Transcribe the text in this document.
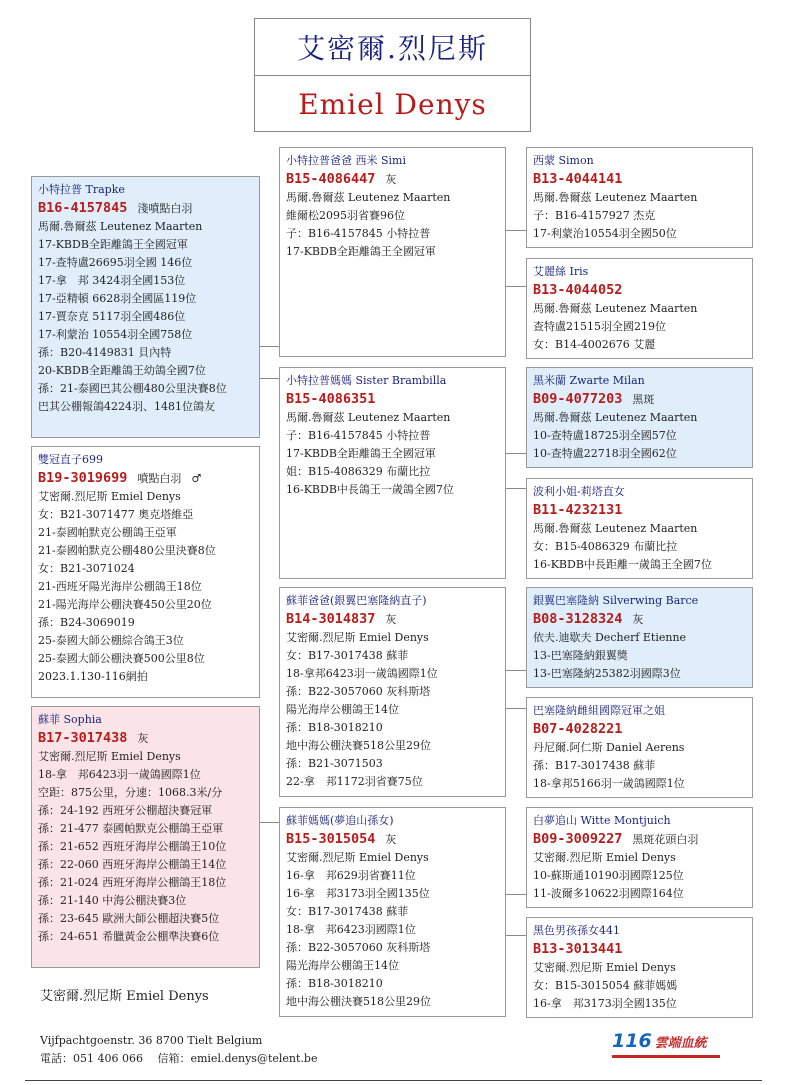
艾密爾.烈尼斯
Emiel Denys
小特拉普 Trapke
B16-4157845 淺噴點白羽
馬爾.魯爾茲 Leutenez Maarten
17-KBDB全距離鴿王全國冠軍
17-查特盧26695羽全國 146位
17-拿　邦 3424羽全國153位
17-亞精頓 6628羽全國區119位
17-賈奈克 5117羽全國486位
17-利蒙治 10554羽全國758位
孫：B20-4149831 貝內特
20-KBDB全距離鴿王幼鴿全國7位
孫：21-泰國巴其公棚480公里決賽8位
巴其公棚報鴿4224羽、1481位鴿友
雙冠直子699
B19-3019699 噴點白羽 ♂
艾密爾.烈尼斯 Emiel Denys
女：B21-3071477 奧克塔維亞
21-泰國帕默克公棚鴿王亞軍
21-泰國帕默克公棚480公里決賽8位
女：B21-3071024
21-西班牙陽光海岸公棚鴿王18位
21-陽光海岸公棚決賽450公里20位
孫：B24-3069019
25-泰國大師公棚綜合鴿王3位
25-泰國大師公棚決賽500公里8位
2023.1.130-116網拍
蘇菲 Sophia
B17-3017438 灰
艾密爾.烈尼斯 Emiel Denys
18-拿　邦6423羽一歲鴿國際1位
空距：875公里，分速：1068.3米/分
孫：24-192 西班牙公棚超決賽冠軍
孫：21-477 泰國帕默克公棚鴿王亞軍
孫：21-652 西班牙海岸公棚鴿王10位
孫：22-060 西班牙海岸公棚鴿王14位
孫：21-024 西班牙海岸公棚鴿王18位
孫：21-140 中海公棚決賽3位
孫：23-645 歐洲大師公棚超決賽5位
孫：24-651 希臘黃金公棚準決賽6位
小特拉普爸爸 西米 Simi
B15-4086447 灰
馬爾.魯爾茲 Leutenez Maarten
維爾松2095羽省賽96位
子：B16-4157845 小特拉普
17-KBDB全距離鴿王全國冠軍
小特拉普媽媽 Sister Brambilla
B15-4086351
馬爾.魯爾茲 Leutenez Maarten
子：B16-4157845 小特拉普
17-KBDB全距離鴿王全國冠軍
姐：B15-4086329 布蘭比拉
16-KBDB中長鴿王一歲鴿全國7位
蘇菲爸爸(銀翼巴塞隆納直子)
B14-3014837 灰
艾密爾.烈尼斯 Emiel Denys
女：B17-3017438 蘇菲
18-拿邦6423羽一歲鴿國際1位
孫：B22-3057060 灰科斯塔
陽光海岸公棚鴿王14位
孫：B18-3018210
地中海公棚決賽518公里29位
孫：B21-3071503
22-拿　邦1172羽省賽75位
蘇菲媽媽(夢追山孫女)
B15-3015054 灰
艾密爾.烈尼斯 Emiel Denys
16-拿　邦629羽省賽11位
16-拿　邦3173羽全國135位
女：B17-3017438 蘇菲
18-拿　邦6423羽國際1位
孫：B22-3057060 灰科斯塔
陽光海岸公棚鴿王14位
孫：B18-3018210
地中海公棚決賽518公里29位
西蒙 Simon
B13-4044141
馬爾.魯爾茲 Leutenez Maarten
子：B16-4157927 杰克
17-利蒙治10554羽全國50位
艾麗絲 Iris
B13-4044052
馬爾.魯爾茲 Leutenez Maarten
查特盧21515羽全國219位
女：B14-4002676 艾麗
黑米蘭 Zwarte Milan
B09-4077203 黑斑
馬爾.魯爾茲 Leutenez Maarten
10-查特盧18725羽全國57位
10-查特盧22718羽全國62位
波利小姐-莉塔直女
B11-4232131
馬爾.魯爾茲 Leutenez Maarten
女：B15-4086329 布蘭比拉
16-KBDB中長距離一歲鴿王全國7位
銀翼巴塞隆納 Silverwing Barce
B08-3128324 灰
依夫.迪歇夫 Decherf Etienne
13-巴塞隆納銀翼獎
13-巴塞隆納25382羽國際3位
巴塞隆納雌組國際冠軍之姐
B07-4028221
丹尼爾.阿仁斯 Daniel Aerens
孫：B17-3017438 蘇菲
18-拿邦5166羽一歲鴿國際1位
白夢追山 Witte Montjuich
B09-3009227 黑斑花頭白羽
艾密爾.烈尼斯 Emiel Denys
10-蘇斯通10190羽國際125位
11-波爾多10622羽國際164位
黑色男孩孫女441
B13-3013441
艾密爾.烈尼斯 Emiel Denys
女：B15-3015054 蘇菲媽媽
16-拿　邦3173羽全國135位
艾密爾.烈尼斯 Emiel Denys
Vijfpachtgoenstr. 36 8700 Tielt Belgium
電話：051 406 066　 信箱：emiel.denys@telent.be
116 雲端血統
